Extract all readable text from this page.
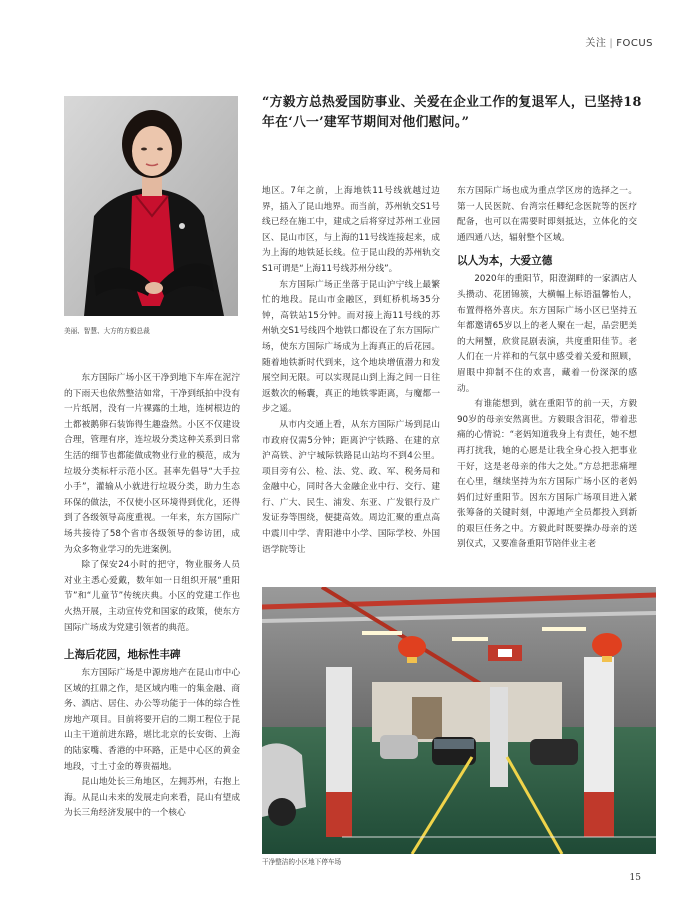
关注 | FOCUS
美丽、智慧、大方的方毅总裁
“方毅方总热爱国防事业、关爱在企业工作的复退军人，已坚持18年在‘八一’建军节期间对他们慰问。”

东方国际广场小区干净到地下车库在泥泞的下雨天也依然整洁如常，干净到纸拍中没有一片纸屑，没有一片裸露的土地，连树根边的土都被鹅卵石装饰得生趣盎然。小区不仅建设合理，管理有序，连垃圾分类这种关系到日常生活的细节也都能做成物业行业的模范，成为垃圾分类标杆示范小区。甚率先倡导“大手拉小手”，灌输从小就进行垃圾分类，助力生态环保的做法，不仅使小区环境得到优化，还得到了各级领导高度重视。一年来，东方国际广场共接待了58个省市各级领导的参访团，成为众多物业学习的先进案例。

除了保安24小时的把守，物业服务人员对业主悉心爱戴，数年如一日组织开展“重阳节”和“儿童节”传统庆典。小区的党建工作也火热开展，主动宣传党和国家的政策，使东方国际广场成为党建引领者的典范。

上海后花园，地标性丰碑

东方国际广场是中源房地产在昆山市中心区域的扛鼎之作，是区域内唯一的集金融、商务、酒店、居住、办公等功能于一体的综合性房地产项目。目前将要开启的二期工程位于昆山主干道前进东路，堪比北京的长安街、上海的陆家嘴、香港的中环路，正是中心区的黄金地段，寸土寸金的尊贵福地。

昆山地处长三角地区，左拥苏州，右抱上海。从昆山未来的发展走向来看，昆山有望成为长三角经济发展中的一个核心

地区。7年之前，上海地铁11号线就越过边界，插入了昆山地界。而当前，苏州轨交S1号线已经在施工中，建成之后将穿过苏州工业园区、昆山市区，与上海的11号线连接起来，成为上海的地铁延长线。位于昆山段的苏州轨交S1可谓是“上海11号线苏州分线”。

东方国际广场正坐落于昆山沪宁线上最繁忙的地段。昆山市金融区，到虹桥机场35分钟，高铁站15分钟。而对接上海11号线的苏州轨交S1号线四个地铁口都设在了东方国际广场，使东方国际广场成为上海真正的后花园。随着地铁新时代到来，这个地块增值潜力和发展空间无限。可以实现昆山到上海之间一日往返数次的畅囊，真正的地铁零距离，与魔都一步之遥。

从市内交通上看，从东方国际广场到昆山市政府仅需5分钟；距离沪宁铁路、在建的京沪高铁、沪宁城际铁路昆山站均不到4公里。项目旁有公、检、法、党、政、军、税务局和金融中心，同时各大金融企业中行、交行、建行、广大、民生、浦发、东亚、广发银行及广发证券等围绕，便捷高效。周边汇聚的重点高中震川中学、青阳港中小学、国际学校、外国语学院等让

东方国际广场也成为重点学区房的选择之一。第一人民医院、台湾宗任卿纪念医院等的医疗配备，也可以在需要时即刻抵达，立体化的交通四通八达，辐射整个区域。

以人为本，大爱立德

2020年的重阳节，阳澄湖畔的一家酒店人头攒动、花团锦簇，大横幅上标语温馨怡人，布置得格外喜庆。东方国际广场小区已坚持五年都邀请65岁以上的老人聚在一起，品尝肥美的大闸蟹，欣赏昆剧表演，共度重阳佳节。老人们在一片祥和的气氛中感受着关爱和照顾，眉眼中抑制不住的欢喜，藏着一份深深的感动。

有谁能想到，就在重阳节的前一天，方毅90岁的母亲安然离世。方毅眼含泪花，带着悲痛的心情说：“老妈知道我身上有责任，她不想再打扰我，她的心愿是让我全身心投入把事业干好，这是老母亲的伟大之处。”方总把悲痛埋在心里，继续坚持为东方国际广场小区的老妈妈们过好重阳节。因东方国际广场项目进入紧张筹备的关键时刻，中源地产全员都投入到新的艰巨任务之中。方毅此时既要操办母亲的送别仪式，又要准备重阳节陪伴业主老

干净整洁的小区地下停车场
15
